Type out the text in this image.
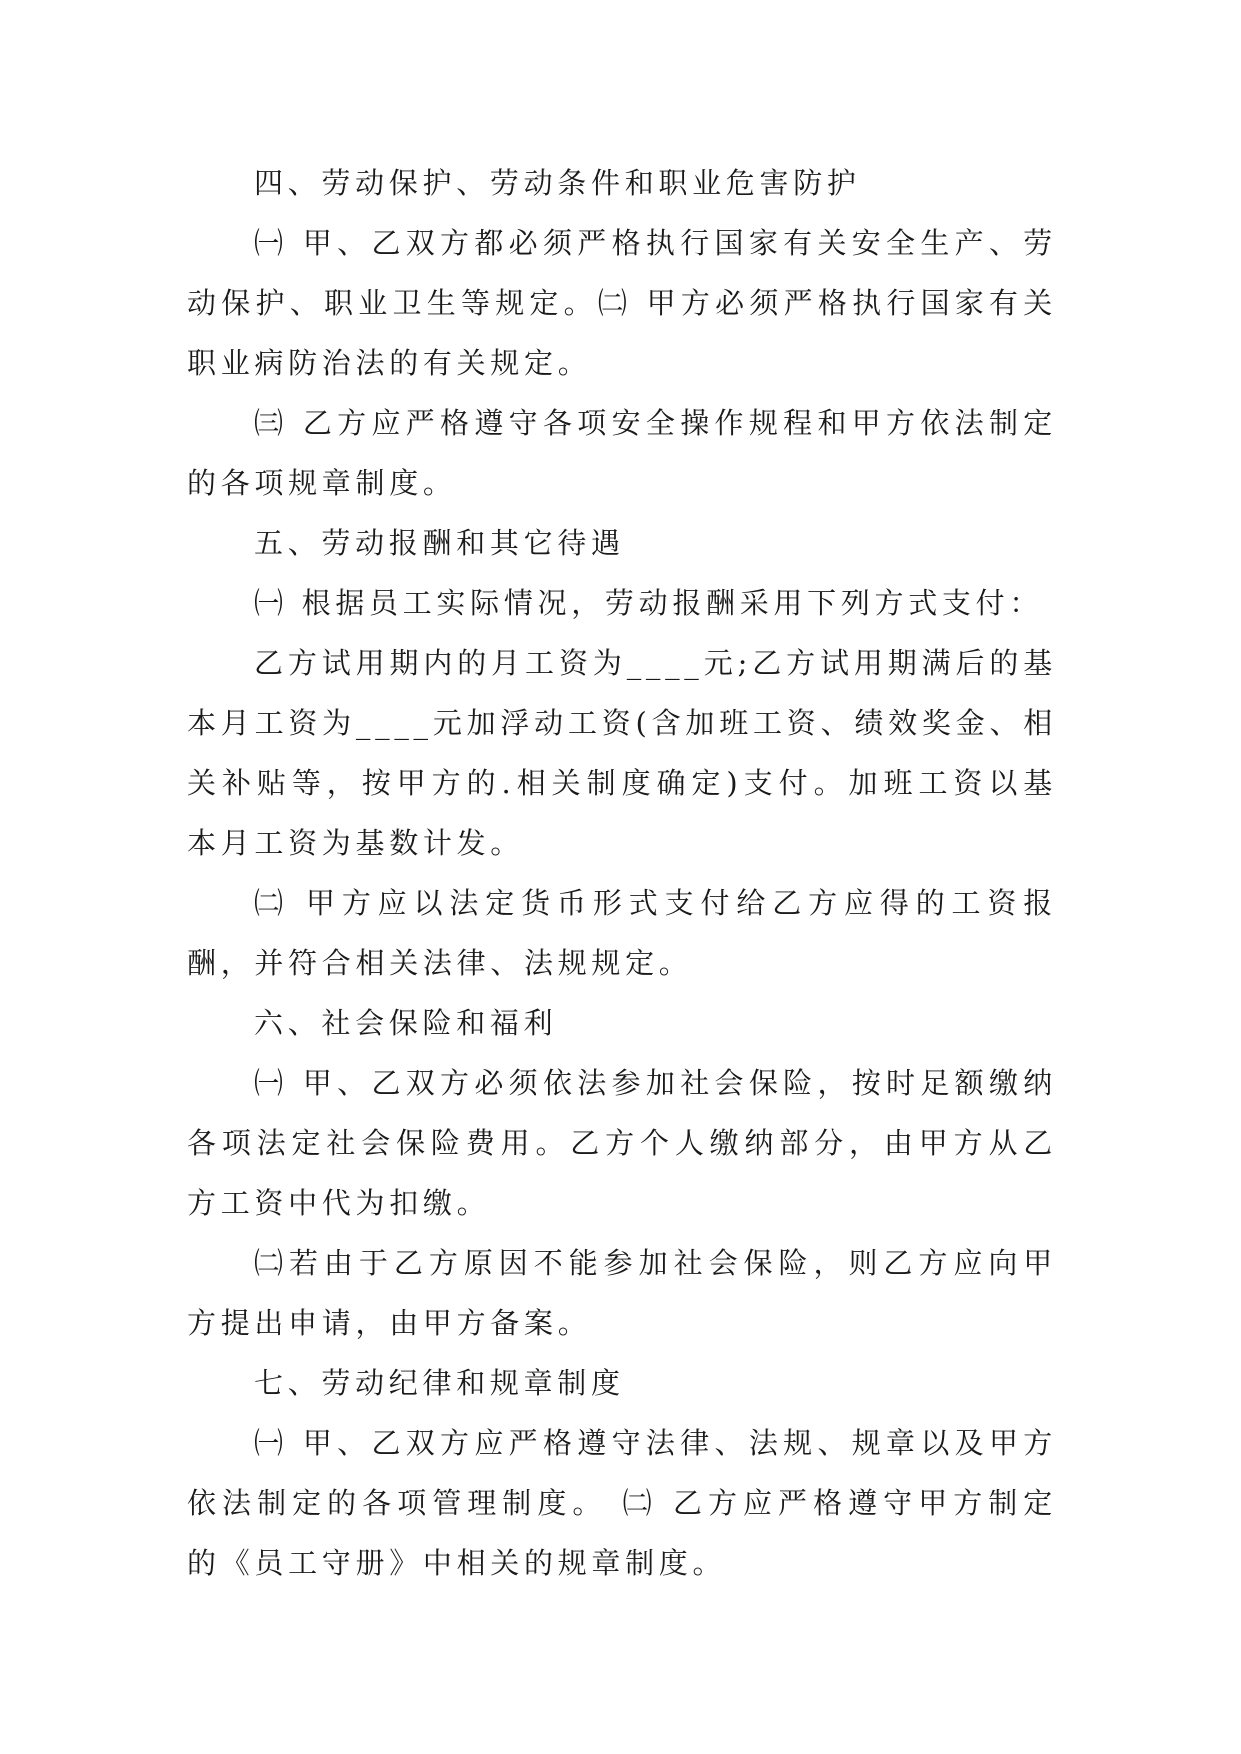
四、劳动保护、劳动条件和职业危害防护

㈠ 甲、乙双方都必须严格执行国家有关安全生产、劳动保护、职业卫生等规定。㈡ 甲方必须严格执行国家有关职业病防治法的有关规定。

㈢ 乙方应严格遵守各项安全操作规程和甲方依法制定的各项规章制度。

五、劳动报酬和其它待遇

㈠ 根据员工实际情况，劳动报酬采用下列方式支付：

乙方试用期内的月工资为____元;乙方试用期满后的基本月工资为____元加浮动工资(含加班工资、绩效奖金、相关补贴等，按甲方的.相关制度确定)支付。加班工资以基本月工资为基数计发。

㈡ 甲方应以法定货币形式支付给乙方应得的工资报酬，并符合相关法律、法规规定。

六、社会保险和福利

㈠ 甲、乙双方必须依法参加社会保险，按时足额缴纳各项法定社会保险费用。乙方个人缴纳部分，由甲方从乙方工资中代为扣缴。

㈡若由于乙方原因不能参加社会保险，则乙方应向甲方提出申请，由甲方备案。

七、劳动纪律和规章制度

㈠ 甲、乙双方应严格遵守法律、法规、规章以及甲方依法制定的各项管理制度。 ㈡ 乙方应严格遵守甲方制定的《员工守册》中相关的规章制度。
